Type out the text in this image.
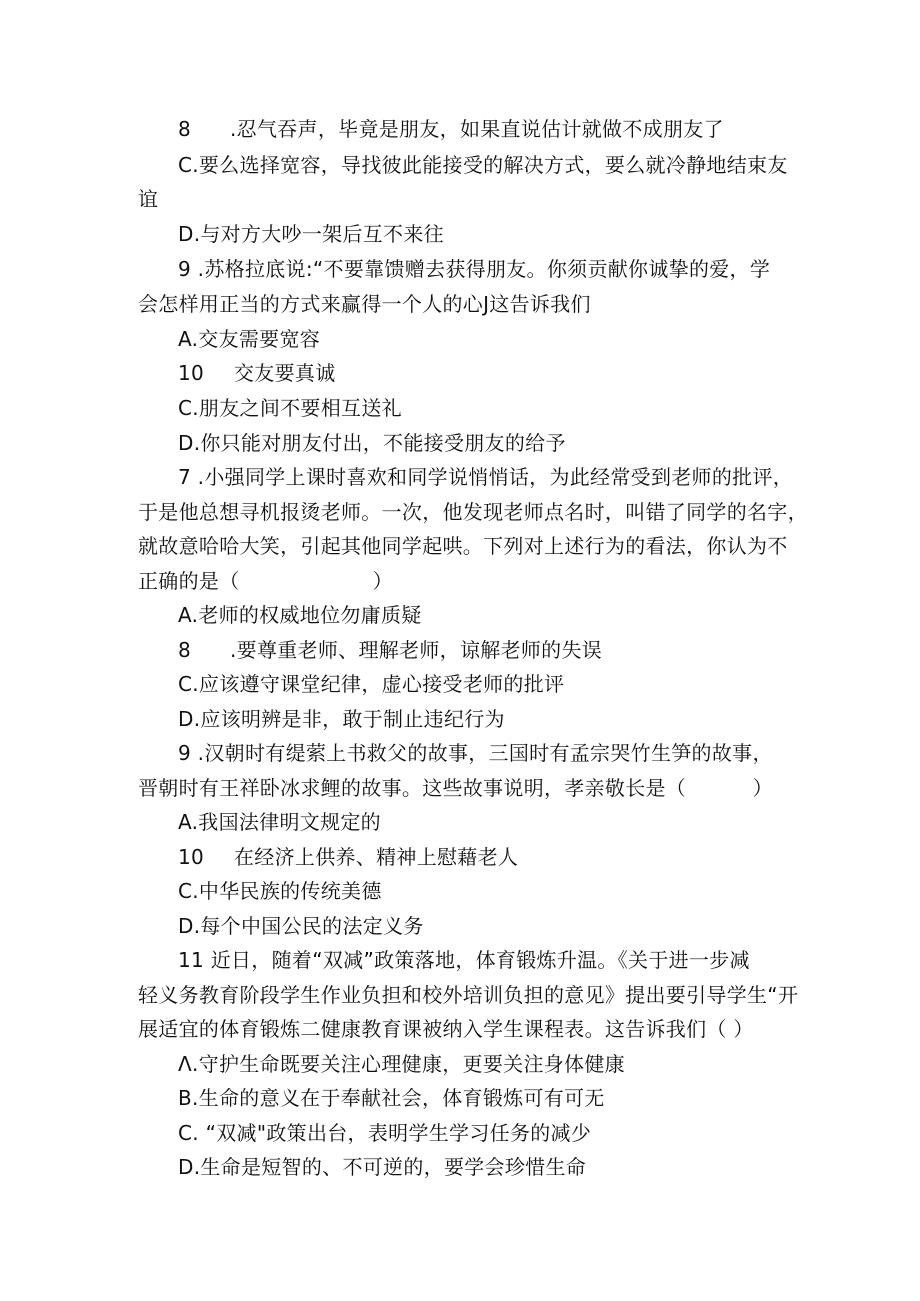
8 .忍气吞声，毕竟是朋友，如果直说估计就做不成朋友了
C.要么选择宽容，导找彼此能接受的解决方式，要么就冷静地结束友
谊
D.与对方大吵一架后互不来往
9 .苏格拉底说:“不要靠馈赠去获得朋友。你须贡献你诚挚的爱，学
会怎样用正当的方式来赢得一个人的心J这告诉我们
A.交友需要宽容
10 交友要真诚
C.朋友之间不要相互送礼
D.你只能对朋友付出，不能接受朋友的给予
7 .小强同学上课时喜欢和同学说悄悄话，为此经常受到老师的批评，
于是他总想寻机报烫老师。一次，他发现老师点名时，叫错了同学的名字，
就故意哈哈大笑，引起其他同学起哄。下列对上述行为的看法，你认为不
正确的是（                    ）
A.老师的权威地位勿庸质疑
8 .要尊重老师、理解老师，谅解老师的失误
C.应该遵守课堂纪律，虚心接受老师的批评
D.应该明辨是非，敢于制止违纪行为
9 .汉朝时有缇萦上书救父的故事，三国时有孟宗哭竹生笋的故事，
晋朝时有王祥卧冰求鲤的故事。这些故事说明，孝亲敬长是（          ）
A.我国法律明文规定的
10 在经济上供养、精神上慰藉老人
C.中华民族的传统美德
D.每个中国公民的法定义务
11 近日，随着“双减”政策落地，体育锻炼升温。《关于进一步减
轻义务教育阶段学生作业负担和校外培训负担的意见》提出要引导学生“开
展适宜的体育锻炼二健康教育课被纳入学生课程表。这告诉我们（ ）
Λ.守护生命既要关注心理健康，更要关注身体健康
B.生命的意义在于奉献社会，体育锻炼可有可无
C. “双减"政策出台，表明学生学习任务的减少
D.生命是短智的、不可逆的，要学会珍惜生命
